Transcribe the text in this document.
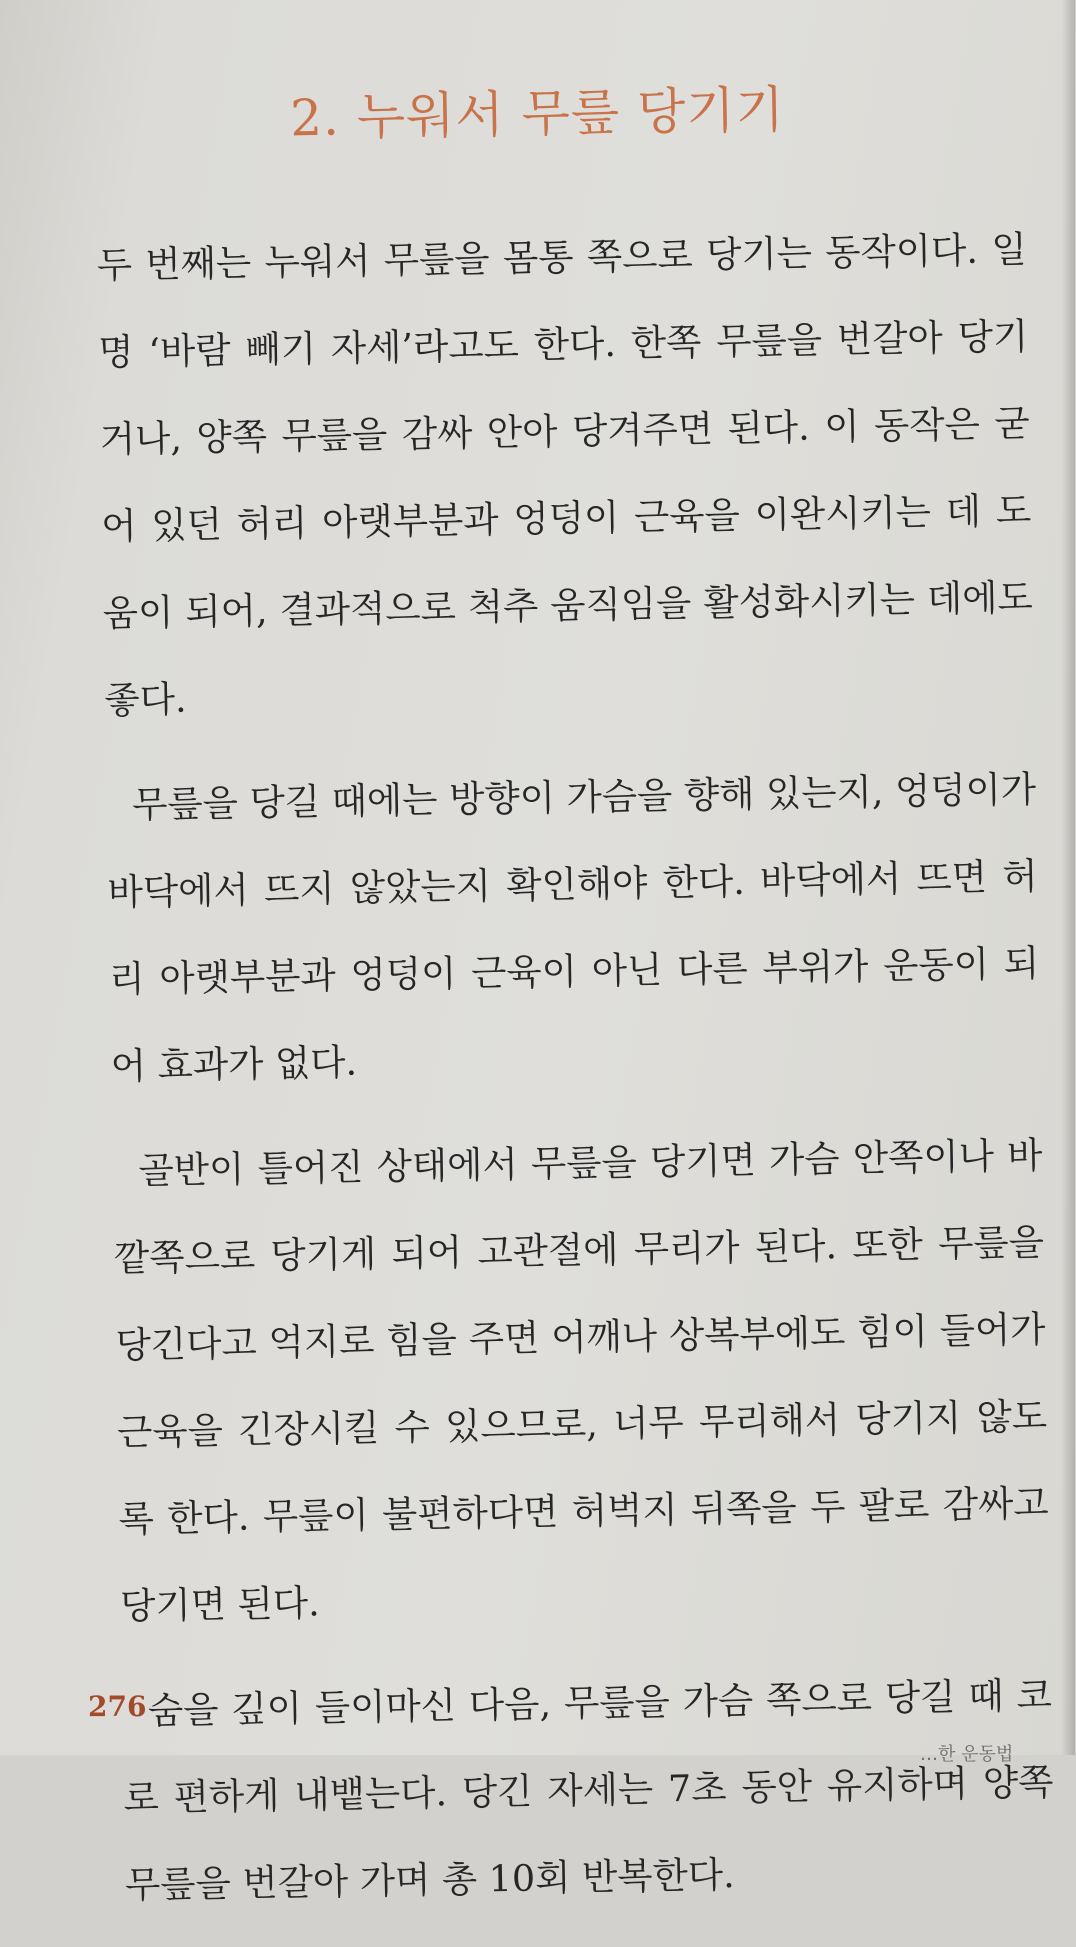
2. 누워서 무릎 당기기

두 번째는 누워서 무릎을 몸통 쪽으로 당기는 동작이다. 일명 ‘바람 빼기 자세’라고도 한다. 한쪽 무릎을 번갈아 당기거나, 양쪽 무릎을 감싸 안아 당겨주면 된다. 이 동작은 굳어 있던 허리 아랫부분과 엉덩이 근육을 이완시키는 데 도움이 되어, 결과적으로 척추 움직임을 활성화시키는 데에도 좋다.

무릎을 당길 때에는 방향이 가슴을 향해 있는지, 엉덩이가 바닥에서 뜨지 않았는지 확인해야 한다. 바닥에서 뜨면 허리 아랫부분과 엉덩이 근육이 아닌 다른 부위가 운동이 되어 효과가 없다.

골반이 틀어진 상태에서 무릎을 당기면 가슴 안쪽이나 바깥쪽으로 당기게 되어 고관절에 무리가 된다. 또한 무릎을 당긴다고 억지로 힘을 주면 어깨나 상복부에도 힘이 들어가 근육을 긴장시킬 수 있으므로, 너무 무리해서 당기지 않도록 한다. 무릎이 불편하다면 허벅지 뒤쪽을 두 팔로 감싸고 당기면 된다.

숨을 깊이 들이마신 다음, 무릎을 가슴 쪽으로 당길 때 코로 편하게 내뱉는다. 당긴 자세는 7초 동안 유지하며 양쪽 무릎을 번갈아 가며 총 10회 반복한다.

276
…한 운동법
